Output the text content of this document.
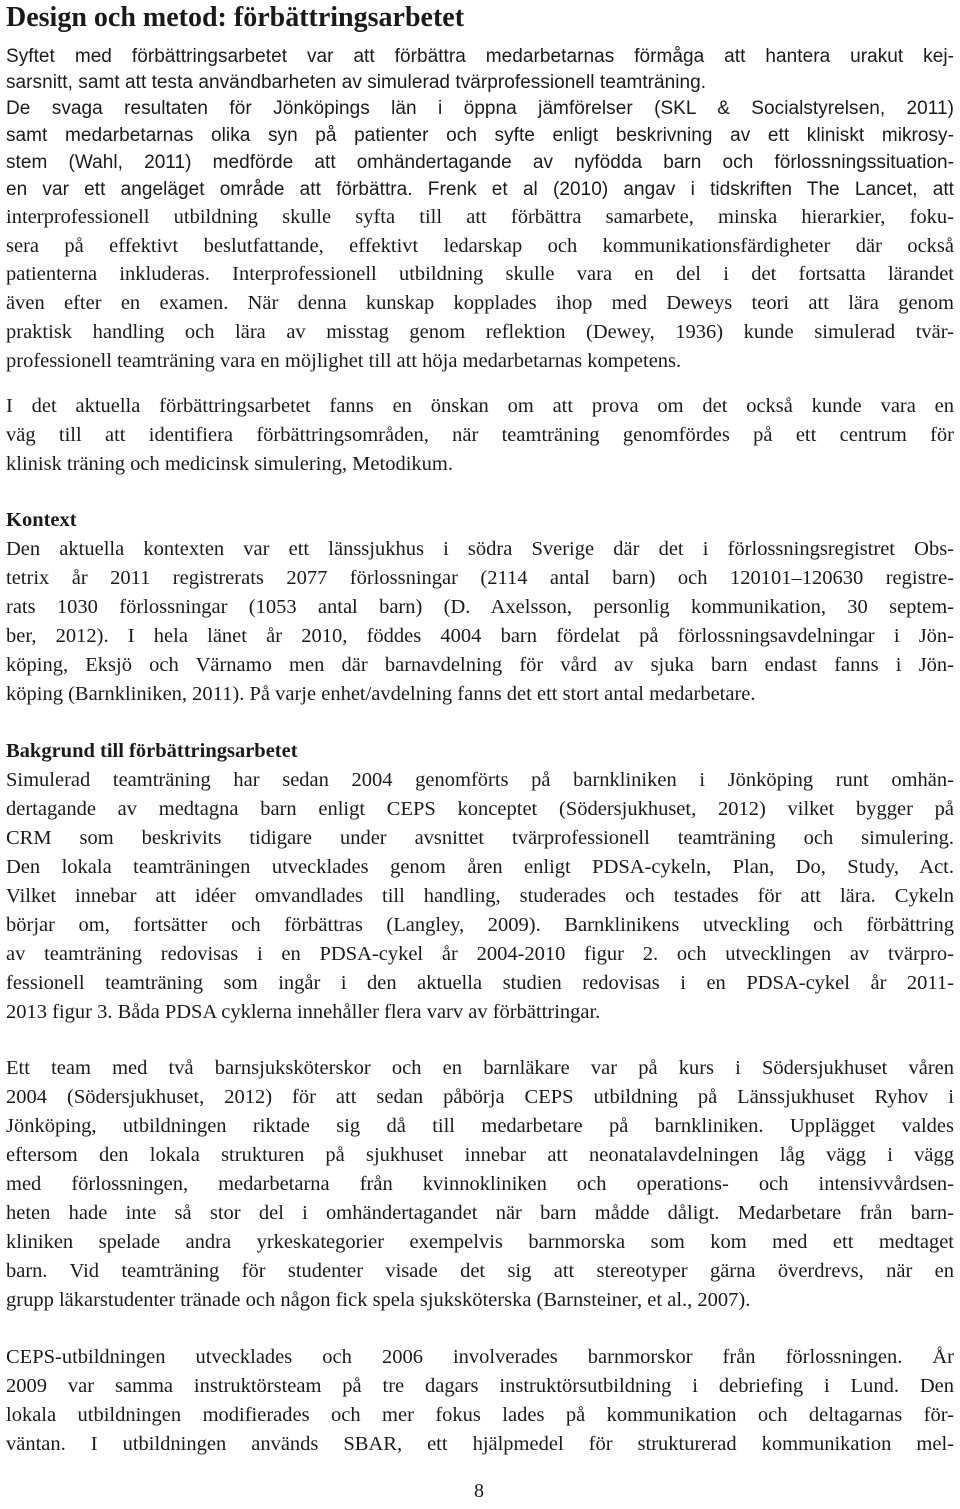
Design och metod: förbättringsarbetet
Syftet med förbättringsarbetet var att förbättra medarbetarnas förmåga att hantera urakut kej-
sarsnitt, samt att testa användbarheten av simulerad tvärprofessionell teamträning.
De svaga resultaten för Jönköpings län i öppna jämförelser (SKL & Socialstyrelsen, 2011)
samt medarbetarnas olika syn på patienter och syfte enligt beskrivning av ett kliniskt mikrosy-
stem (Wahl, 2011) medförde att omhändertagande av nyfödda barn och förlossningssituation-
en var ett angeläget område att förbättra. Frenk et al (2010) angav i tidskriften The Lancet, att
interprofessionell utbildning skulle syfta till att förbättra samarbete, minska hierarkier, foku-
sera på effektivt beslutfattande, effektivt ledarskap och kommunikationsfärdigheter där också
patienterna inkluderas. Interprofessionell utbildning skulle vara en del i det fortsatta lärandet
även efter en examen. När denna kunskap kopplades ihop med Deweys teori att lära genom
praktisk handling och lära av misstag genom reflektion (Dewey, 1936) kunde simulerad tvär-
professionell teamträning vara en möjlighet till att höja medarbetarnas kompetens.
I det aktuella förbättringsarbetet fanns en önskan om att prova om det också kunde vara en
väg till att identifiera förbättringsområden, när teamträning genomfördes på ett centrum för
klinisk träning och medicinsk simulering, Metodikum.
Kontext
Den aktuella kontexten var ett länssjukhus i södra Sverige där det i förlossningsregistret Obs-
tetrix år 2011 registrerats 2077 förlossningar (2114 antal barn) och 120101–120630 registre-
rats 1030 förlossningar (1053 antal barn) (D. Axelsson, personlig kommunikation, 30 septem-
ber, 2012). I hela länet år 2010, föddes 4004 barn fördelat på förlossningsavdelningar i Jön-
köping, Eksjö och Värnamo men där barnavdelning för vård av sjuka barn endast fanns i Jön-
köping (Barnkliniken, 2011). På varje enhet/avdelning fanns det ett stort antal medarbetare.
Bakgrund till förbättringsarbetet
Simulerad teamträning har sedan 2004 genomförts på barnkliniken i Jönköping runt omhän-
dertagande av medtagna barn enligt CEPS konceptet (Södersjukhuset, 2012) vilket bygger på
CRM som beskrivits tidigare under avsnittet tvärprofessionell teamträning och simulering.
Den lokala teamträningen utvecklades genom åren enligt PDSA-cykeln, Plan, Do, Study, Act.
Vilket innebar att idéer omvandlades till handling, studerades och testades för att lära. Cykeln
börjar om, fortsätter och förbättras (Langley, 2009). Barnklinikens utveckling och förbättring
av teamträning redovisas i en PDSA-cykel år 2004-2010 figur 2. och utvecklingen av tvärpro-
fessionell teamträning som ingår i den aktuella studien redovisas i en PDSA-cykel år 2011-
2013 figur 3. Båda PDSA cyklerna innehåller flera varv av förbättringar.
Ett team med två barnsjuksköterskor och en barnläkare var på kurs i Södersjukhuset våren
2004 (Södersjukhuset, 2012) för att sedan påbörja CEPS utbildning på Länssjukhuset Ryhov i
Jönköping, utbildningen riktade sig då till medarbetare på barnkliniken. Upplägget valdes
eftersom den lokala strukturen på sjukhuset innebar att neonatalavdelningen låg vägg i vägg
med förlossningen, medarbetarna från kvinnokliniken och operations- och intensivvårdsen-
heten hade inte så stor del i omhändertagandet när barn mådde dåligt. Medarbetare från barn-
kliniken spelade andra yrkeskategorier exempelvis barnmorska som kom med ett medtaget
barn. Vid teamträning för studenter visade det sig att stereotyper gärna överdrevs, när en
grupp läkarstudenter tränade och någon fick spela sjuksköterska (Barnsteiner, et al., 2007).
CEPS-utbildningen utvecklades och 2006 involverades barnmorskor från förlossningen. År
2009 var samma instruktörsteam på tre dagars instruktörsutbildning i debriefing i Lund. Den
lokala utbildningen modifierades och mer fokus lades på kommunikation och deltagarnas för-
väntan. I utbildningen används SBAR, ett hjälpmedel för strukturerad kommunikation mel-
8
